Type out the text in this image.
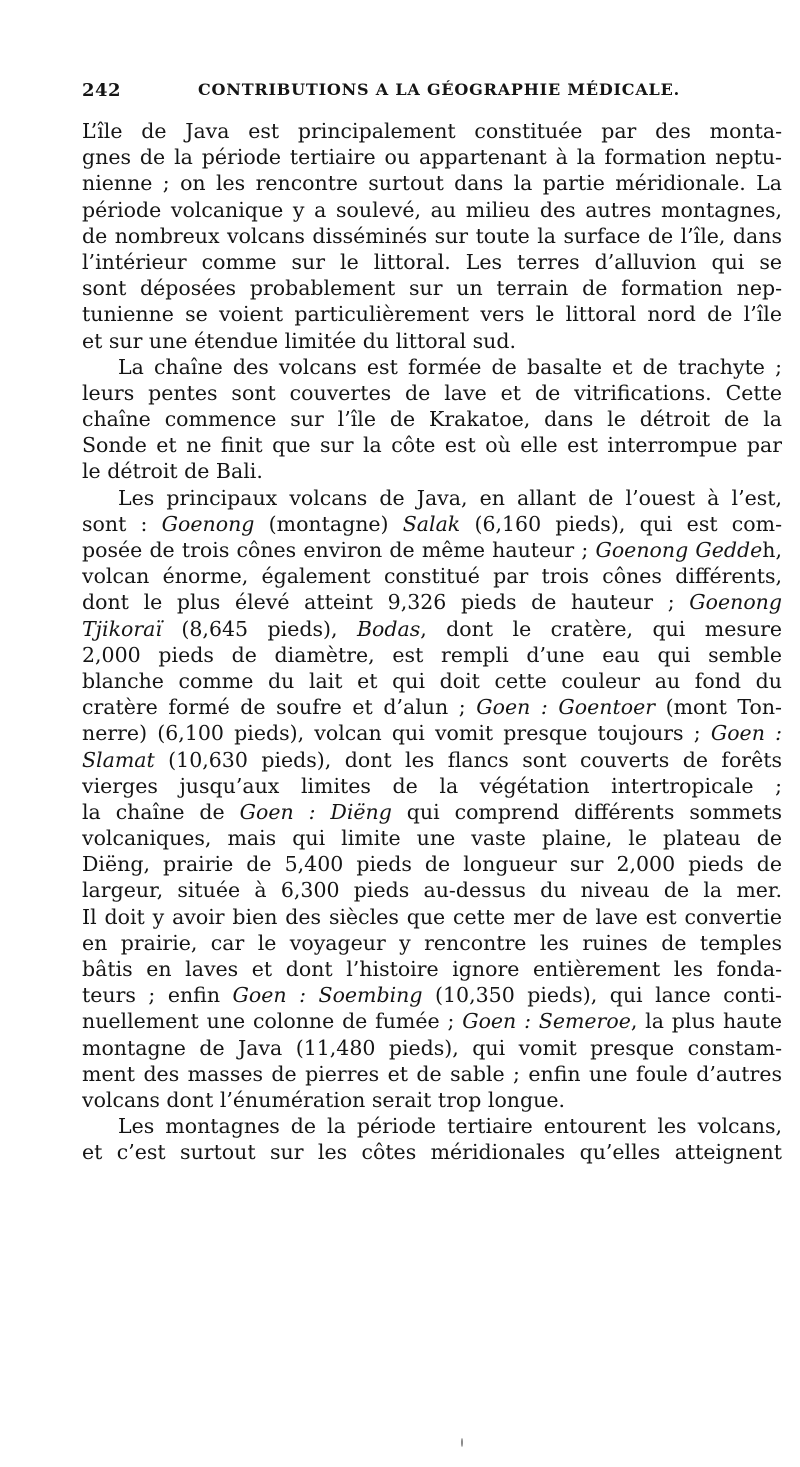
242	CONTRIBUTIONS A LA GÉOGRAPHIE MÉDICALE.
L’île de Java est principalement constituée par des monta-
gnes de la période tertiaire ou appartenant à la formation neptu-
nienne ; on les rencontre surtout dans la partie méridionale. La
période volcanique y a soulevé, au milieu des autres montagnes,
de nombreux volcans disséminés sur toute la surface de l’île, dans
l’intérieur comme sur le littoral. Les terres d’alluvion qui se
sont déposées probablement sur un terrain de formation nep-
tunienne se voient particulièrement vers le littoral nord de l’île
et sur une étendue limitée du littoral sud.
La chaîne des volcans est formée de basalte et de trachyte ;
leurs pentes sont couvertes de lave et de vitrifications. Cette
chaîne commence sur l’île de Krakatoe, dans le détroit de la
Sonde et ne finit que sur la côte est où elle est interrompue par
le détroit de Bali.
Les principaux volcans de Java, en allant de l’ouest à l’est,
sont : Goenong (montagne) Salak (6,160 pieds), qui est com-
posée de trois cônes environ de même hauteur ; Goenong Geddeh,
volcan énorme, également constitué par trois cônes différents,
dont le plus élevé atteint 9,326 pieds de hauteur ; Goenong
Tjikoraï (8,645 pieds), Bodas, dont le cratère, qui mesure
2,000 pieds de diamètre, est rempli d’une eau qui semble
blanche comme du lait et qui doit cette couleur au fond du
cratère formé de soufre et d’alun ; Goen : Goentoer (mont Ton-
nerre) (6,100 pieds), volcan qui vomit presque toujours ; Goen :
Slamat (10,630 pieds), dont les flancs sont couverts de forêts
vierges jusqu’aux limites de la végétation intertropicale ;
la chaîne de Goen : Diëng qui comprend différents sommets
volcaniques, mais qui limite une vaste plaine, le plateau de
Diëng, prairie de 5,400 pieds de longueur sur 2,000 pieds de
largeur, située à 6,300 pieds au-dessus du niveau de la mer.
Il doit y avoir bien des siècles que cette mer de lave est convertie
en prairie, car le voyageur y rencontre les ruines de temples
bâtis en laves et dont l’histoire ignore entièrement les fonda-
teurs ; enfin Goen : Soembing (10,350 pieds), qui lance conti-
nuellement une colonne de fumée ; Goen : Semeroe, la plus haute
montagne de Java (11,480 pieds), qui vomit presque constam-
ment des masses de pierres et de sable ; enfin une foule d’autres
volcans dont l’énumération serait trop longue.
Les montagnes de la période tertiaire entourent les volcans,
et c’est surtout sur les côtes méridionales qu’elles atteignent
